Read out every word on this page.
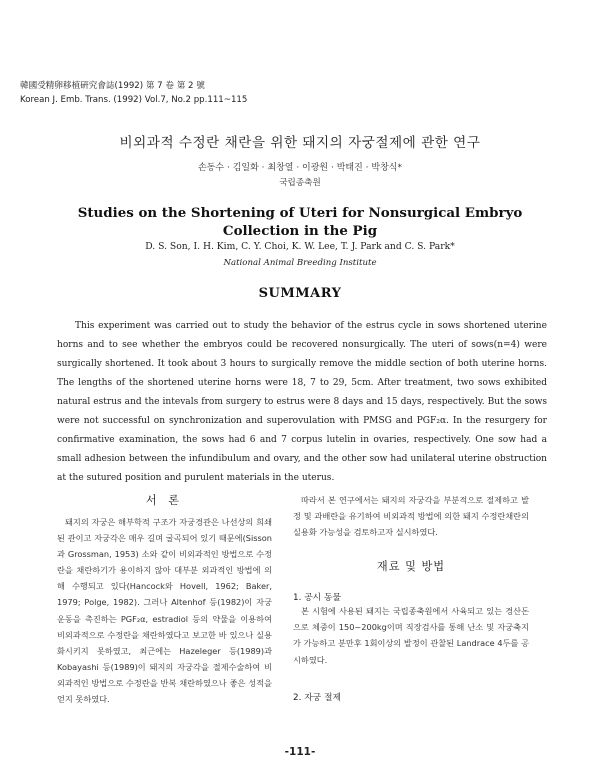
韓國受精卵移植硏究會誌(1992) 第 7 卷 第 2 號
Korean J. Emb. Trans. (1992) Vol.7, No.2 pp.111~115
비외과적 수정란 채란을 위한 돼지의 자궁절제에 관한 연구
손동수 · 김일화 · 최창열 · 이광원 · 박태진 · 박창식*
국립종축원
Studies on the Shortening of Uteri for Nonsurgical Embryo
Collection in the Pig
D. S. Son, I. H. Kim, C. Y. Choi, K. W. Lee, T. J. Park and C. S. Park*
National Animal Breeding Institute
SUMMARY

This experiment was carried out to study the behavior of the estrus cycle in sows shortened uterine horns and to see whether the embryos could be recovered nonsurgically. The uteri of sows(n=4) were surgically shortened. It took about 3 hours to surgically remove the middle section of both uterine horns. The lengths of the shortened uterine horns were 18, 7 to 29, 5cm. After treatment, two sows exhibited natural estrus and the intevals from surgery to estrus were 8 days and 15 days, respectively. But the sows were not successful on synchronization and superovulation with PMSG and PGF₂α. In the resurgery for confirmative examination, the sows had 6 and 7 corpus lutelin in ovaries, respectively. One sow had a small adhesion between the infundibulum and ovary, and the other sow had unilateral uterine obstruction at the sutured position and purulent materials in the uterus.

서 론

돼지의 자궁은 해부학적 구조가 자궁경관은 나선상의 희쇄된 관이고 자궁각은 매우 길며 굴곡되어 있기 때문에(Sisson과 Grossman, 1953) 소와 같이 비외과적인 방법으로 수정란을 채란하기가 용이하지 않아 대부분 외과적인 방법에 의해 수행되고 있다(Hancock와 Hovell, 1962; Baker, 1979; Polge, 1982). 그러나 Altenhof 등(1982)이 자궁운동을 촉진하는 PGF₂α, estradiol 등의 약물을 이용하여 비외과적으로 수정란을 채란하였다고 보고한 바 있으나 실용화시키지 못하였고, 최근에는 Hazeleger 등(1989)과 Kobayashi 등(1989)이 돼지의 자궁각을 절제수술하여 비외과적인 방법으로 수정란을 반복 채란하였으나 좋은 성적을 얻지 못하였다.

따라서 본 연구에서는 돼지의 자궁각을 부분적으로 절제하고 발정 및 과배란을 유기하여 비외과적 방법에 의한 돼지 수정란채란의 실용화 가능성을 검토하고자 실시하였다.

재료 및 방법
1. 공시 동물

본 시험에 사용된 돼지는 국립종축원에서 사육되고 있는 경산돈으로 체중이 150~200kg이며 직장검사를 통해 난소 및 자궁축지가 가능하고 분만후 1회이상의 발정이 관찰된 Landrace 4두를 공시하였다.

2. 자궁 절제
-111-
